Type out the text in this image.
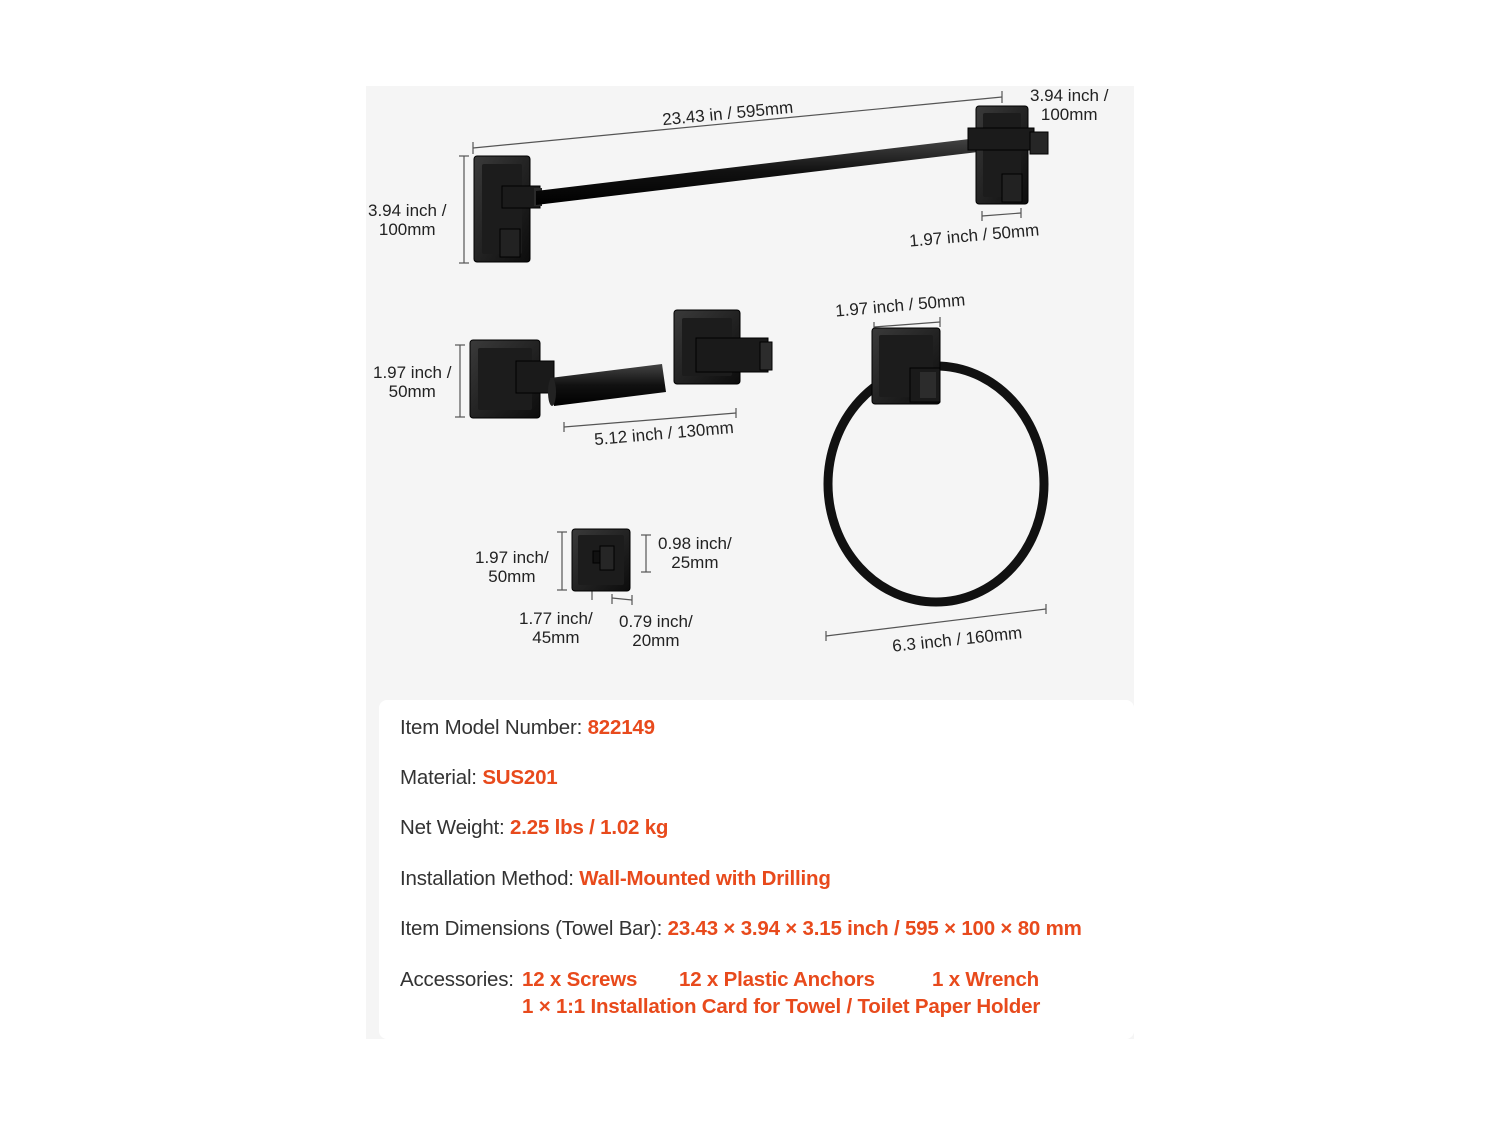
23.43 in / 595mm
3.94 inch /
100mm
3.94 inch /
100mm	1.97 inch / 50mm
1.97 inch /
50mm
5.12 inch / 130mm
1.97 inch / 50mm
6.3 inch / 160mm
1.97 inch/
50mm
0.98 inch/
25mm
1.77 inch/
45mm
0.79 inch/
20mm
Item Model Number: 822149
Material: SUS201
Net Weight: 2.25 lbs / 1.02 kg
Installation Method: Wall-Mounted with Drilling
Item Dimensions (Towel Bar): 23.43 × 3.94 × 3.15 inch / 595 × 100 × 80 mm
Accessories: 12 x Screws 12 x Plastic Anchors	1 x Wrench
1 × 1:1 Installation Card for Towel / Toilet Paper Holder
